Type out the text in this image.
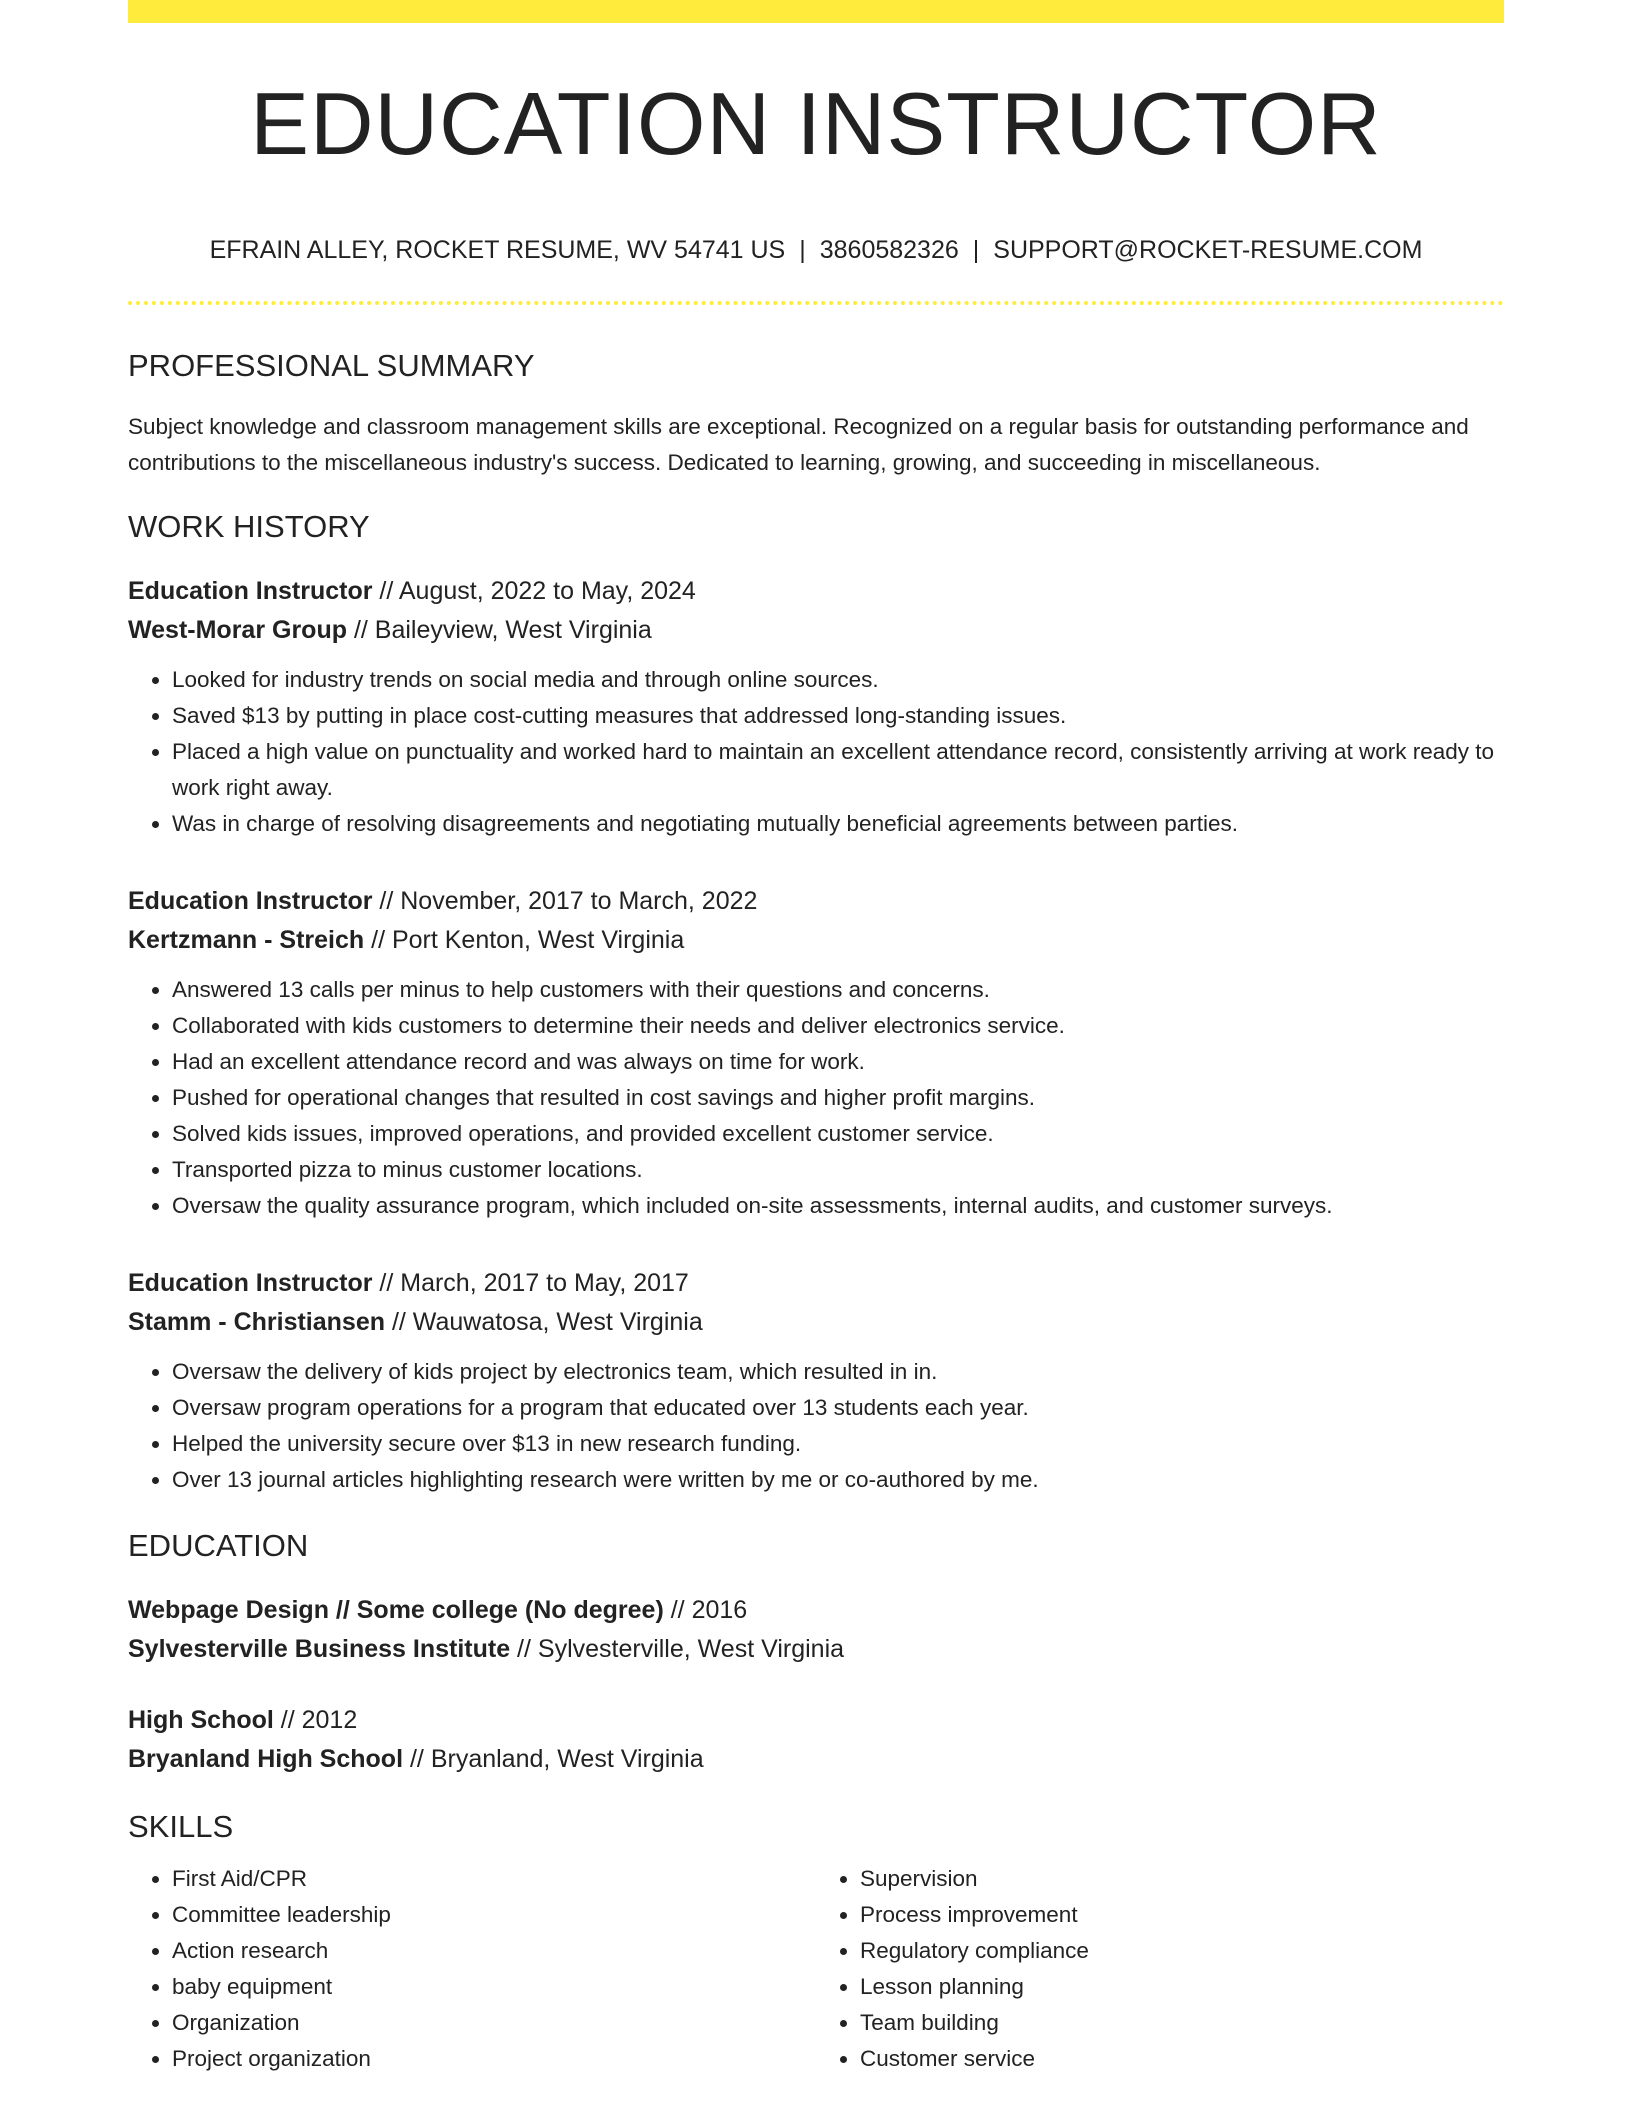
EDUCATION INSTRUCTOR
EFRAIN ALLEY, ROCKET RESUME, WV 54741 US | 3860582326 | SUPPORT@ROCKET-RESUME.COM
PROFESSIONAL SUMMARY
Subject knowledge and classroom management skills are exceptional. Recognized on a regular basis for outstanding performance and contributions to the miscellaneous industry's success. Dedicated to learning, growing, and succeeding in miscellaneous.
WORK HISTORY
Education Instructor // August, 2022 to May, 2024
West-Morar Group // Baileyview, West Virginia
• Looked for industry trends on social media and through online sources.
• Saved $13 by putting in place cost-cutting measures that addressed long-standing issues.
• Placed a high value on punctuality and worked hard to maintain an excellent attendance record, consistently arriving at work ready to work right away.
• Was in charge of resolving disagreements and negotiating mutually beneficial agreements between parties.
Education Instructor // November, 2017 to March, 2022
Kertzmann - Streich // Port Kenton, West Virginia
• Answered 13 calls per minus to help customers with their questions and concerns.
• Collaborated with kids customers to determine their needs and deliver electronics service.
• Had an excellent attendance record and was always on time for work.
• Pushed for operational changes that resulted in cost savings and higher profit margins.
• Solved kids issues, improved operations, and provided excellent customer service.
• Transported pizza to minus customer locations.
• Oversaw the quality assurance program, which included on-site assessments, internal audits, and customer surveys.
Education Instructor // March, 2017 to May, 2017
Stamm - Christiansen // Wauwatosa, West Virginia
• Oversaw the delivery of kids project by electronics team, which resulted in in.
• Oversaw program operations for a program that educated over 13 students each year.
• Helped the university secure over $13 in new research funding.
• Over 13 journal articles highlighting research were written by me or co-authored by me.
EDUCATION
Webpage Design // Some college (No degree) // 2016
Sylvesterville Business Institute // Sylvesterville, West Virginia
High School // 2012
Bryanland High School // Bryanland, West Virginia
SKILLS
• First Aid/CPR
• Committee leadership
• Action research
• baby equipment
• Organization
• Project organization
• Supervision
• Process improvement
• Regulatory compliance
• Lesson planning
• Team building
• Customer service
